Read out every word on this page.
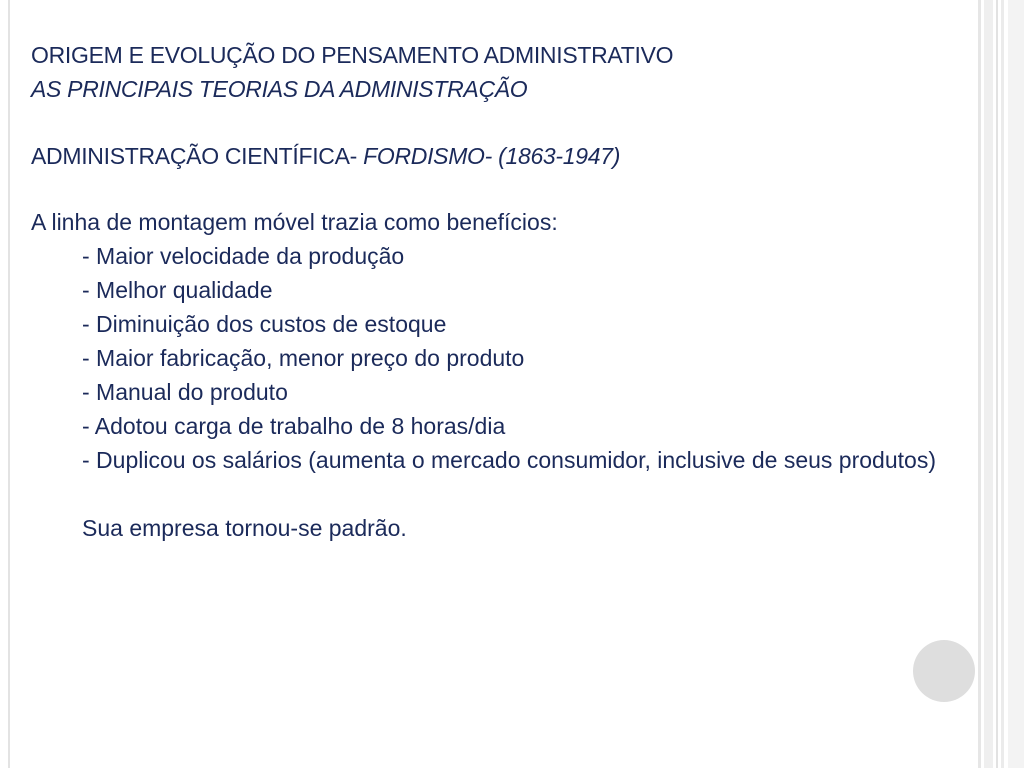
ORIGEM E EVOLUÇÃO DO PENSAMENTO ADMINISTRATIVO
AS PRINCIPAIS TEORIAS DA ADMINISTRAÇÃO
ADMINISTRAÇÃO CIENTÍFICA- FORDISMO- (1863-1947)
A linha de montagem móvel trazia como benefícios:
- Maior velocidade da produção
- Melhor qualidade
- Diminuição dos custos de estoque
- Maior fabricação, menor preço do produto
- Manual do produto
- Adotou carga de trabalho de 8 horas/dia
- Duplicou os salários (aumenta o mercado consumidor, inclusive de seus produtos)
Sua empresa tornou-se padrão.
